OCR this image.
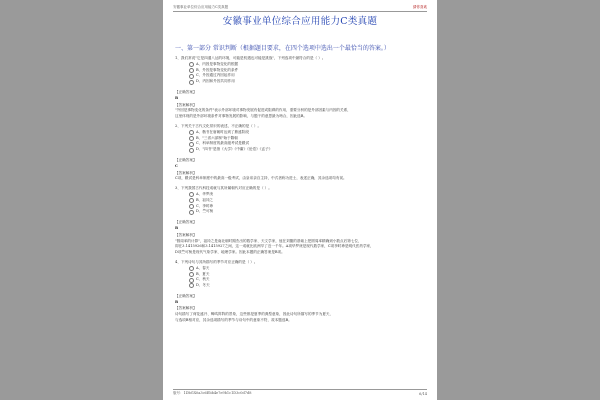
安徽事业单位综合应用能力C类真题	猜你喜欢
安徽事业单位综合应用能力C类真题
一、第一部分 常识判断（根据题目要求，在四个选项中选出一个最恰当的答案。）

1、我们常说"它是四通八达的环境，可能是机遇也可能是挑战"，下列选项中最符合的是（ ）。

A、内因是事物变化的根据
B、外因是事物变化的条件
C、外因通过内因起作用
D、内因和外因共同作用
【正确答案】
B
【答案解析】

"外因是事物变化的条件"表示外部环境对事物发展有促进或阻碍的作用，需要分析的是外部因素与内因的关系，

这里体现的是外部环境条件对事物发展的影响，与题干的意思最为吻合，因此选B。

2、下列关于古代文化常识的表述，不正确的是（ ）。

A、楷书在唐朝时达到了鼎盛阶段
B、"三省六部制"始于隋朝
C、科举制度的最高级考试是殿试
D、"四书"是指《大学》《中庸》《论语》《孟子》
【正确答案】
C
【答案解析】

C项，殿试是科举制度中的最高一级考试，由皇帝亲自主持，中式者称为进士，表述正确，其余选项均有误。

3、下列我国古代科技成就与其所属朝代对应正确的是（ ）。

A、华罗庚
B、祖冲之
C、李时珍
D、竺可桢
【正确答案】
B
【答案解析】

"圆周率的计算"，祖冲之是南北朝时期杰出的数学家、天文学家，他在刘徽的基础上把圆周率精确到小数点后第七位，

即在3.1415926和3.1415927之间，这一成就比欧洲早了近一千年。A项华罗庚是现代数学家，C项李时珍是明代医药学家，

D项竺可桢是现代气象学家、地理学家。因此本题的正确答案是B项。

4、下列诗句与其所描写的季节对应正确的是（ ）。

A、春天
B、夏天
C、秋天
D、冬天
【正确答案】
B
【答案解析】

诗句描写了荷花盛开、蝉鸣阵阵的景象，这些都是夏季的典型意象，因此诗句所描写的季节为夏天，

与选项B相对应，其余选项描写的季节与诗句中的意象不符，故本题选B。

版号：1DbGX0a3c6Ebb4e7e9b1c1D3c0d7d8	6/14
